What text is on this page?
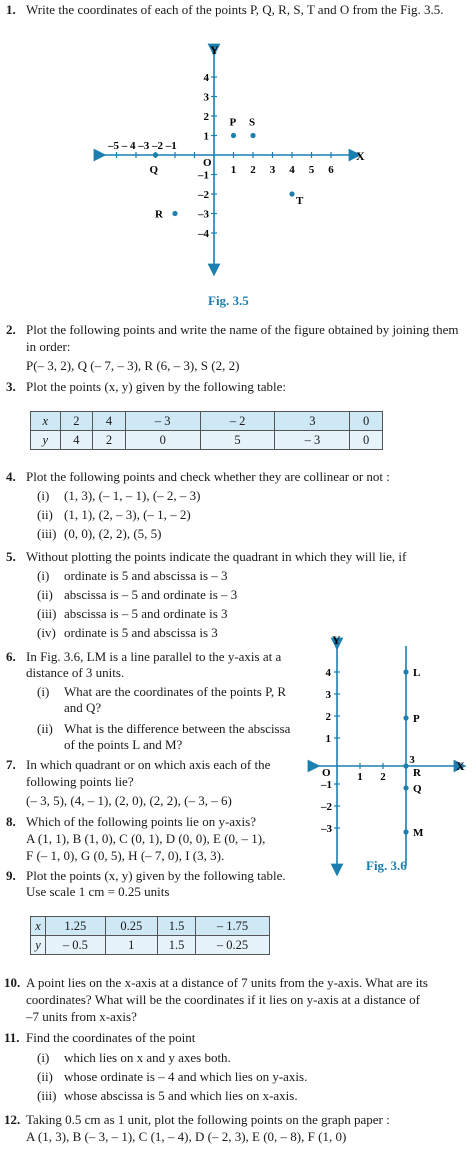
1. Write the coordinates of each of the points P, Q, R, S, T and O from the Fig. 3.5.
X
Y
O
–5 – 4 –3 –2 –1
1 2 3 4 5 6
4
3
2
1
–1
–2
–3
–4
P S
Q
R
T
Fig. 3.5
2. Plot the following points and write the name of the figure obtained by joining them
in order:
P(– 3, 2), Q (– 7, – 3), R (6, – 3), S (2, 2)
3. Plot the points (x, y) given by the following table:
x	2	4	– 3	– 2	3	0
y	4	2	0	5	– 3	0
4. Plot the following points and check whether they are collinear or not :
(i) (1, 3), (– 1, – 1), (– 2, – 3)
(ii) (1, 1), (2, – 3), (– 1, – 2)
(iii) (0, 0), (2, 2), (5, 5)
5. Without plotting the points indicate the quadrant in which they will lie, if
(i) ordinate is 5 and abscissa is – 3
(ii) abscissa is – 5 and ordinate is – 3
(iii) abscissa is – 5 and ordinate is 3
(iv) ordinate is 5 and abscissa is 3
6. In Fig. 3.6, LM is a line parallel to the y-axis at a
distance of 3 units.
(i) What are the coordinates of the points P, R
and Q?
(ii) What is the difference between the abscissa
of the points L and M?
7. In which quadrant or on which axis each of the
following points lie?
(– 3, 5), (4, – 1), (2, 0), (2, 2), (– 3, – 6)
8. Which of the following points lie on y-axis?
A (1, 1), B (1, 0), C (0, 1), D (0, 0), E (0, – 1),
F (– 1, 0), G (0, 5), H (– 7, 0), I (3, 3).
9. Plot the points (x, y) given by the following table.
Use scale 1 cm = 0.25 units
x	1.25	0.25	1.5	– 1.75
y	– 0.5	1	1.5	– 0.25
X
Y
O 1 2
3
4
3
2
1
–1
–2
–3
L
P
R
Q
M
Fig. 3.6
10. A point lies on the x-axis at a distance of 7 units from the y-axis. What are its
coordinates? What will be the coordinates if it lies on y-axis at a distance of
–7 units from x-axis?
11. Find the coordinates of the point
(i) which lies on x and y axes both.
(ii) whose ordinate is – 4 and which lies on y-axis.
(iii) whose abscissa is 5 and which lies on x-axis.
12. Taking 0.5 cm as 1 unit, plot the following points on the graph paper :
A (1, 3), B (– 3, – 1), C (1, – 4), D (– 2, 3), E (0, – 8), F (1, 0)
